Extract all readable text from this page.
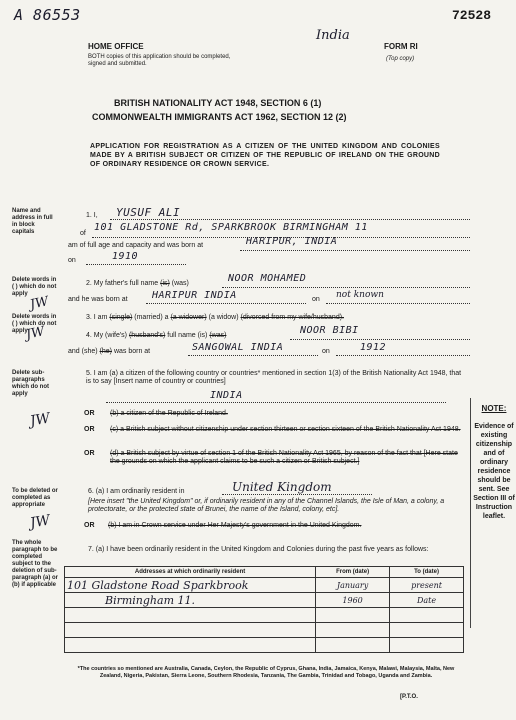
A 86553	72528
HOME OFFICE
BOTH copies of this application should be completed, signed and submitted.
India
FORM RI
(Top copy)
BRITISH NATIONALITY ACT 1948, SECTION 6 (1)
COMMONWEALTH IMMIGRANTS ACT 1962, SECTION 12 (2)
APPLICATION FOR REGISTRATION AS A CITIZEN OF THE UNITED KINGDOM AND COLONIES MADE BY A BRITISH SUBJECT OR CITIZEN OF THE REPUBLIC OF IRELAND ON THE GROUND OF ORDINARY RESIDENCE OR CROWN SERVICE.
Name and address in full in block capitals
Delete words in ( ) which do not apply
Delete words in ( ) which do not apply
Delete sub-paragraphs which do not apply
To be deleted or completed as appropriate
The whole paragraph to be completed subject to the deletion of sub-paragraph (a) or (b) if applicable
JW
JW
JW
JW
1. I, YUSUF ALI
of
101 GLADSTONE Rd, SPARKBROOK BIRMINGHAM 11
am of full age and capacity and was born at	HARIPUR, INDIA
on	1910
2. My father's full name (is) (was)	NOOR MOHAMED
and he was born at HARIPUR INDIA	on not known
3. I am (single) (married) a (a widower) (a widow) (divorced from my wife/husband).
4. My (wife's) (husband's) full name (is) (was)	NOOR BIBI
and (she) (he) was born at	SANGOWAL INDIA	on	1912
5. I am (a) a citizen of the following country or countries* mentioned in section 1(3) of the British Nationality Act 1948, that is to say [Insert name of country or countries]
INDIA
OR (b) a citizen of the Republic of Ireland.
OR (c) a British subject without citizenship under section thirteen or section sixteen of the British Nationality Act 1948.
OR (d) a British subject by virtue of section 1 of the British Nationality Act 1965, by reason of the fact that [Here state the grounds on which the applicant claims to be such a citizen or British subject.]
6. (a) I am ordinarily resident in	United Kingdom
[Here insert "the United Kingdom" or, if ordinarily resident in any of the Channel Islands, the Isle of Man, a colony, a protectorate, or the protected state of Brunei, the name of the Island, colony, etc].
OR (b) I am in Crown service under Her Majesty's government in the United Kingdom.
7. (a) I have been ordinarily resident in the United Kingdom and Colonies during the past five years as follows:
Addresses at which ordinarily resident	From (date)	To (date)
101 Gladstone Road Sparkbrook	January	present
Birmingham 11.	1960	Date

NOTE:
Evidence of existing citizenship and of ordinary residence should be sent. See Section III of Instruction leaflet.
*The countries so mentioned are Australia, Canada, Ceylon, the Republic of Cyprus, Ghana, India, Jamaica, Kenya, Malawi, Malaysia, Malta, New Zealand, Nigeria, Pakistan, Sierra Leone, Southern Rhodesia, Tanzania, The Gambia, Trinidad and Tobago, Uganda and Zambia.
[P.T.O.
